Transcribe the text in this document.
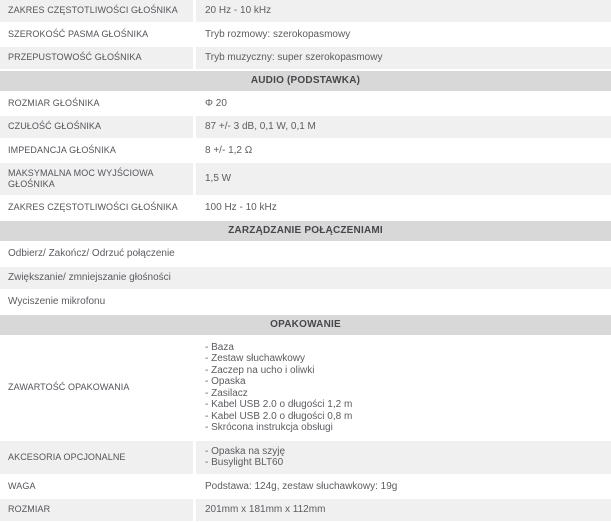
ZAKRES CZĘSTOTLIWOŚCI GŁOŚNIKA	20 Hz - 10 kHz
SZEROKOŚĆ PASMA GŁOŚNIKA	Tryb rozmowy: szerokopasmowy
PRZEPUSTOWOŚĆ GŁOŚNIKA	Tryb muzyczny: super szerokopasmowy
AUDIO (PODSTAWKA)
ROZMIAR GŁOŚNIKA	Φ 20
CZUŁOŚĆ GŁOŚNIKA	87 +/- 3 dB, 0,1 W, 0,1 M
IMPEDANCJA GŁOŚNIKA	8 +/- 1,2 Ω
MAKSYMALNA MOC WYJŚCIOWA GŁOŚNIKA	1,5 W
ZAKRES CZĘSTOTLIWOŚCI GŁOŚNIKA	100 Hz - 10 kHz
ZARZĄDZANIE POŁĄCZENIAMI
Odbierz/ Zakończ/ Odrzuć połączenie
Zwiększanie/ zmniejszanie głośności
Wyciszenie mikrofonu
OPAKOWANIE
ZAWARTOŚĆ OPAKOWANIA
- Baza
- Zestaw słuchawkowy
- Zaczep na ucho i oliwki
- Opaska
- Zasilacz
- Kabel USB 2.0 o długości 1,2 m
- Kabel USB 2.0 o długości 0,8 m
- Skrócona instrukcja obsługi
AKCESORIA OPCJONALNE	- Opaska na szyję
- Busylight BLT60
WAGA	Podstawa: 124g, zestaw słuchawkowy: 19g
ROZMIAR	201mm x 181mm x 112mm
